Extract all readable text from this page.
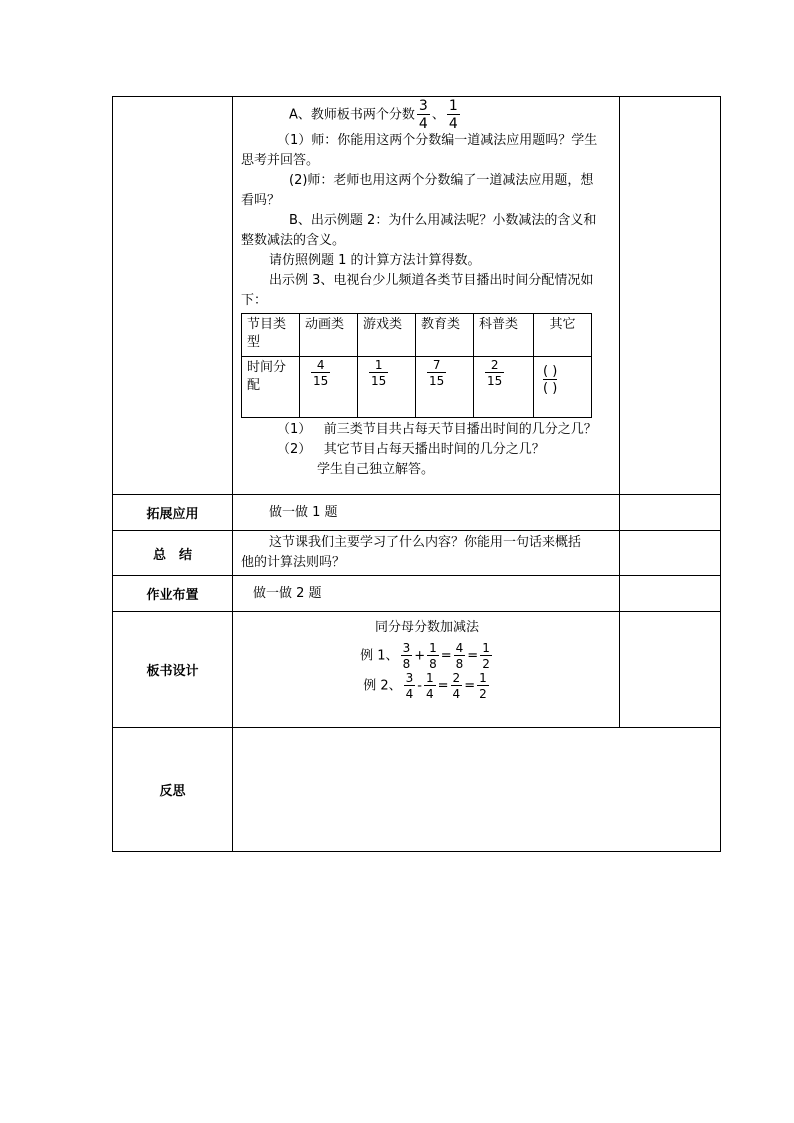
A、教师板书两个分数 $\frac{3}{4}$ 、 $\frac{1}{4}$
（1）师：你能用这两个分数编一道减法应用题吗？学生
思考并回答。
(2)师：老师也用这两个分数编了一道减法应用题，想
看吗？
B、出示例题 2：为什么用减法呢？小数减法的含义和
整数减法的含义。
请仿照例题 1 的计算方法计算得数。
出示例 3、电视台少儿频道各类节目播出时间分配情况如
下：
节目类型	动画类	游戏类	教育类	科普类	其它
时间分配	$\frac{4}{15}$	$\frac{1}{15}$	$\frac{7}{15}$	$\frac{2}{15}$	$\frac{( )}{( )}$
（1） 前三类节目共占每天节目播出时间的几分之几？
（2） 其它节目占每天播出时间的几分之几？
学生自己独立解答。

拓展应用	做一做 1 题	
总　结	
这节课我们主要学习了什么内容？你能用一句话来概括
他的计算法则吗？

作业布置	做一做 2 题	
板书设计	
同分母分数加减法
例 1、 $\frac{3}{8} + \frac{1}{8} = \frac{4}{8} = \frac{1}{2}$
例 2、 $\frac{3}{4} - \frac{1}{4} = \frac{2}{4} = \frac{1}{2}$

反思	
